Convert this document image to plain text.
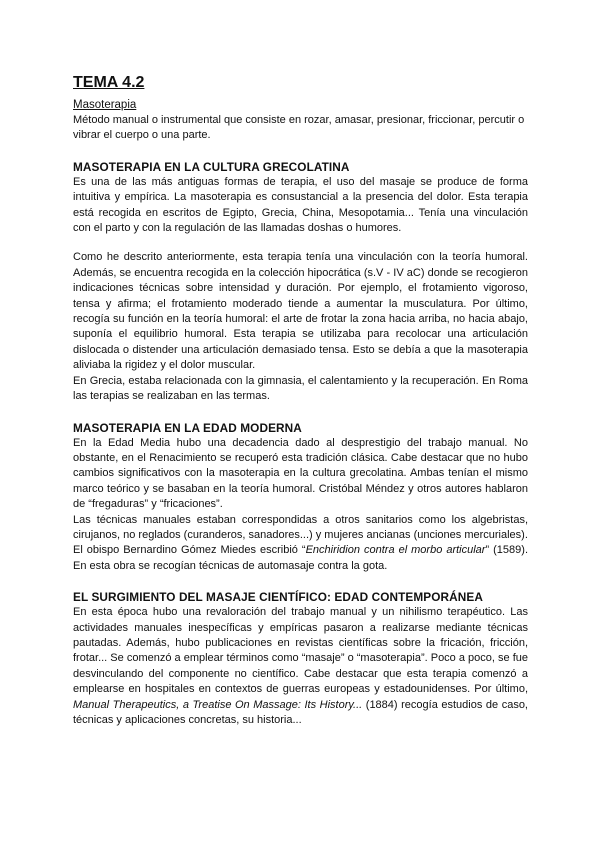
TEMA 4.2
Masoterapia

Método manual o instrumental que consiste en rozar, amasar, presionar, friccionar, percutir o vibrar el cuerpo o una parte.

MASOTERAPIA EN LA CULTURA GRECOLATINA

Es una de las más antiguas formas de terapia, el uso del masaje se produce de forma intuitiva y empírica. La masoterapia es consustancial a la presencia del dolor. Esta terapia está recogida en escritos de Egipto, Grecia, China, Mesopotamia... Tenía una vinculación con el parto y con la regulación de las llamadas doshas o humores.

Como he descrito anteriormente, esta terapia tenía una vinculación con la teoría humoral. Además, se encuentra recogida en la colección hipocrática (s.V - IV aC) donde se recogieron indicaciones técnicas sobre intensidad y duración. Por ejemplo, el frotamiento vigoroso, tensa y afirma; el frotamiento moderado tiende a aumentar la musculatura. Por último, recogía su función en la teoría humoral: el arte de frotar la zona hacia arriba, no hacia abajo, suponía el equilibrio humoral. Esta terapia se utilizaba para recolocar una articulación dislocada o distender una articulación demasiado tensa. Esto se debía a que la masoterapia aliviaba la rigidez y el dolor muscular.

En Grecia, estaba relacionada con la gimnasia, el calentamiento y la recuperación. En Roma las terapias se realizaban en las termas.

MASOTERAPIA EN LA EDAD MODERNA

En la Edad Media hubo una decadencia dado al desprestigio del trabajo manual. No obstante, en el Renacimiento se recuperó esta tradición clásica. Cabe destacar que no hubo cambios significativos con la masoterapia en la cultura grecolatina. Ambas tenían el mismo marco teórico y se basaban en la teoría humoral. Cristóbal Méndez y otros autores hablaron de “fregaduras” y “fricaciones”.

Las técnicas manuales estaban correspondidas a otros sanitarios como los algebristas, cirujanos, no reglados (curanderos, sanadores...) y mujeres ancianas (unciones mercuriales).

El obispo Bernardino Gómez Miedes escribió “Enchiridion contra el morbo articular” (1589). En esta obra se recogían técnicas de automasaje contra la gota.

EL SURGIMIENTO DEL MASAJE CIENTÍFICO: EDAD CONTEMPORÁNEA

En esta época hubo una revaloración del trabajo manual y un nihilismo terapéutico. Las actividades manuales inespecíficas y empíricas pasaron a realizarse mediante técnicas pautadas. Además, hubo publicaciones en revistas científicas sobre la fricación, fricción, frotar... Se comenzó a emplear términos como “masaje” o “masoterapia”. Poco a poco, se fue desvinculando del componente no científico. Cabe destacar que esta terapia comenzó a emplearse en hospitales en contextos de guerras europeas y estadounidenses. Por último, Manual Therapeutics, a Treatise On Massage: Its History... (1884) recogía estudios de caso, técnicas y aplicaciones concretas, su historia...
